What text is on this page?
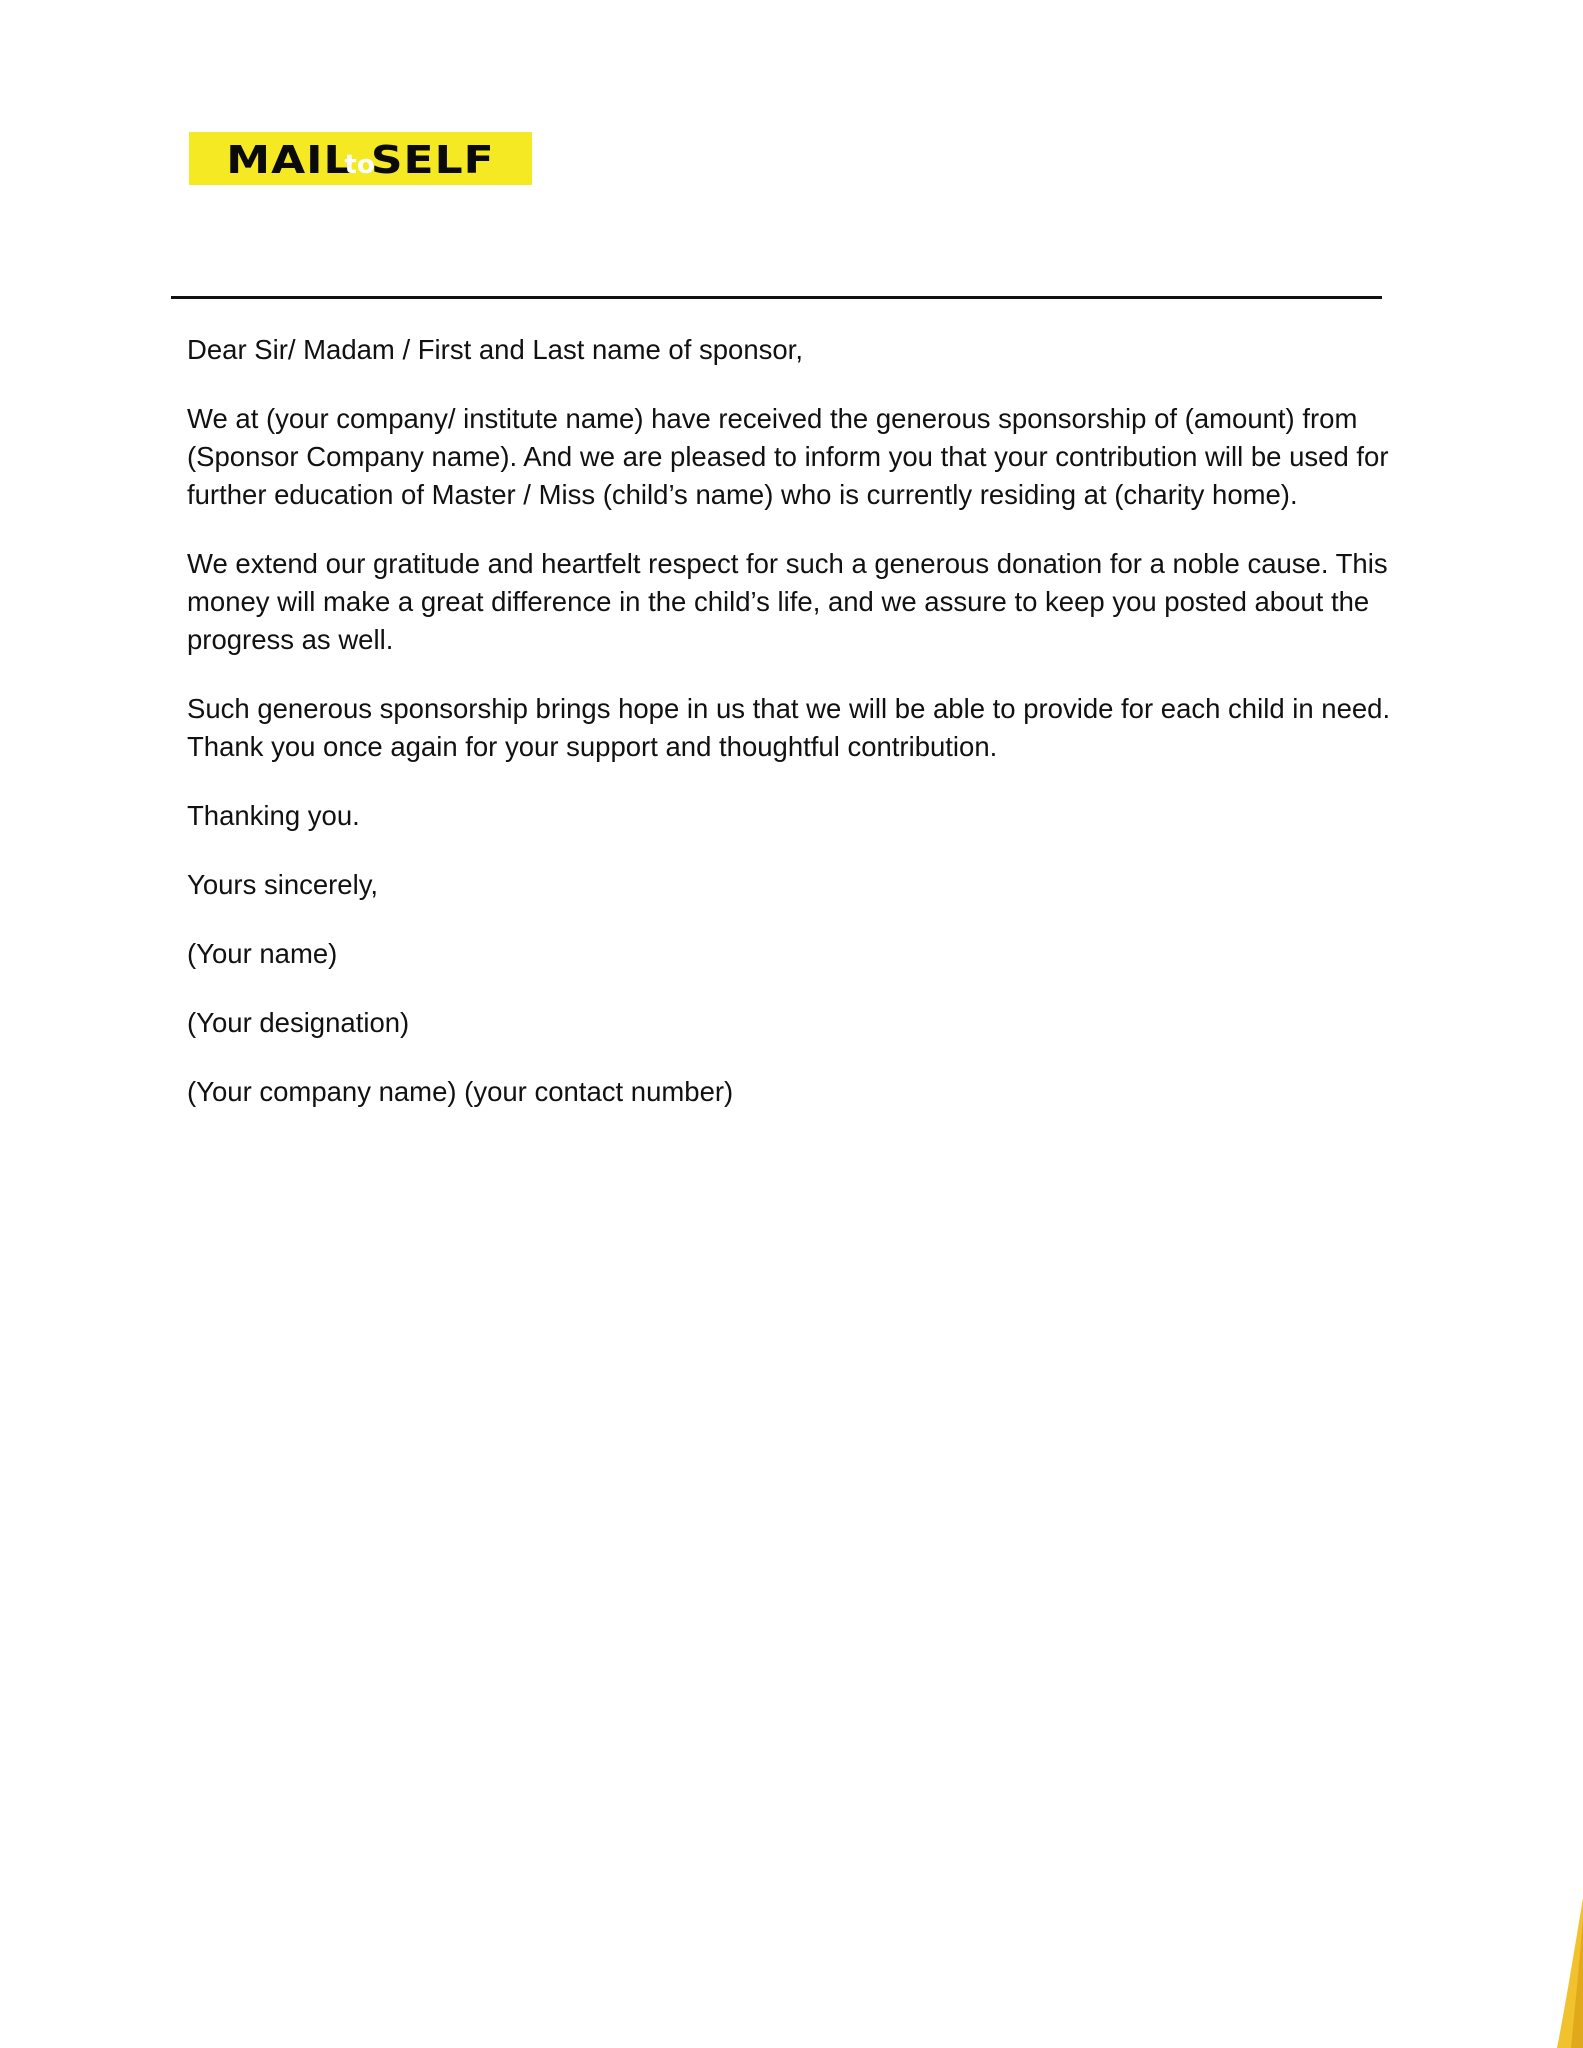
MAIL
to
SELF

Dear Sir/ Madam / First and Last name of sponsor,

We at (your company/ institute name) have received the generous sponsorship of (amount) from (Sponsor Company name). And we are pleased to inform you that your contribution will be used for further education of Master / Miss (child’s name) who is currently residing at (charity home).

We extend our gratitude and heartfelt respect for such a generous donation for a noble cause. This money will make a great difference in the child’s life, and we assure to keep you posted about the progress as well.

Such generous sponsorship brings hope in us that we will be able to provide for each child in need. Thank you once again for your support and thoughtful contribution.

Thanking you.

Yours sincerely,

(Your name)

(Your designation)

(Your company name) (your contact number)
